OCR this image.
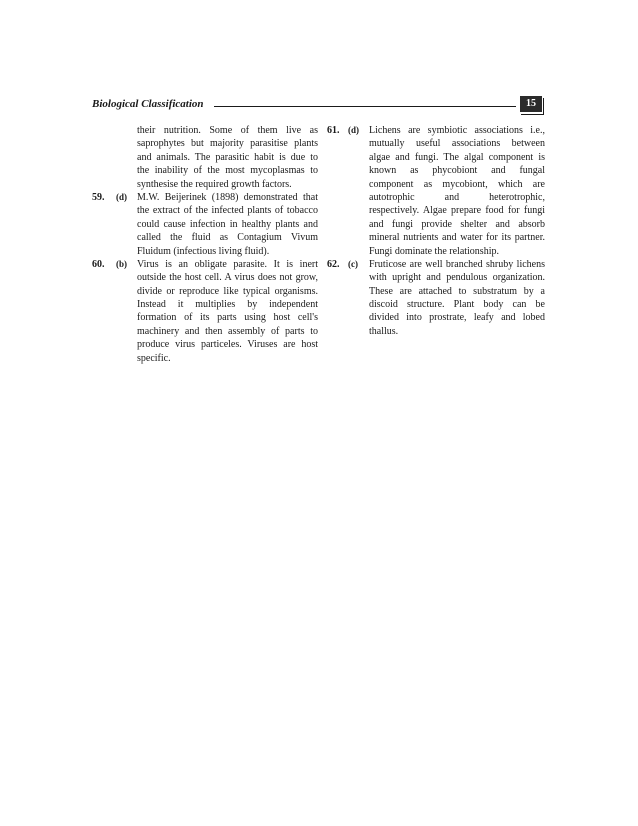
Biological Classification	15
their nutrition. Some of them live as
saprophytes but majority parasitise plants
and animals. The parasitic habit is due to
the inability of the most mycoplasmas to
synthesise the required growth factors.
59. (d) M.W. Beijerinek (1898) demonstrated that
the extract of the infected plants of tobacco
could cause infection in healthy plants and
called the fluid as Contagium Vivum
Fluidum (infectious living fluid).
60. (b) Virus is an obligate parasite. It is inert
outside the host cell. A virus does not grow,
divide or reproduce like typical organisms.
Instead it multiplies by independent
formation of its parts using host cell's
machinery and then assembly of parts to
produce virus particeles. Viruses are host
specific.
61. (d) Lichens are symbiotic associations i.e.,
mutually useful associations between
algae and fungi. The algal component is
known as phycobiont and fungal
component as mycobiont, which are
autotrophic and heterotrophic,
respectively. Algae prepare food for fungi
and fungi provide shelter and absorb
mineral nutrients and water for its partner.
Fungi dominate the relationship.
62. (c) Fruticose are well branched shruby lichens
with upright and pendulous organization.
These are attached to substratum by a
discoid structure. Plant body can be
divided into prostrate, leafy and lobed
thallus.
